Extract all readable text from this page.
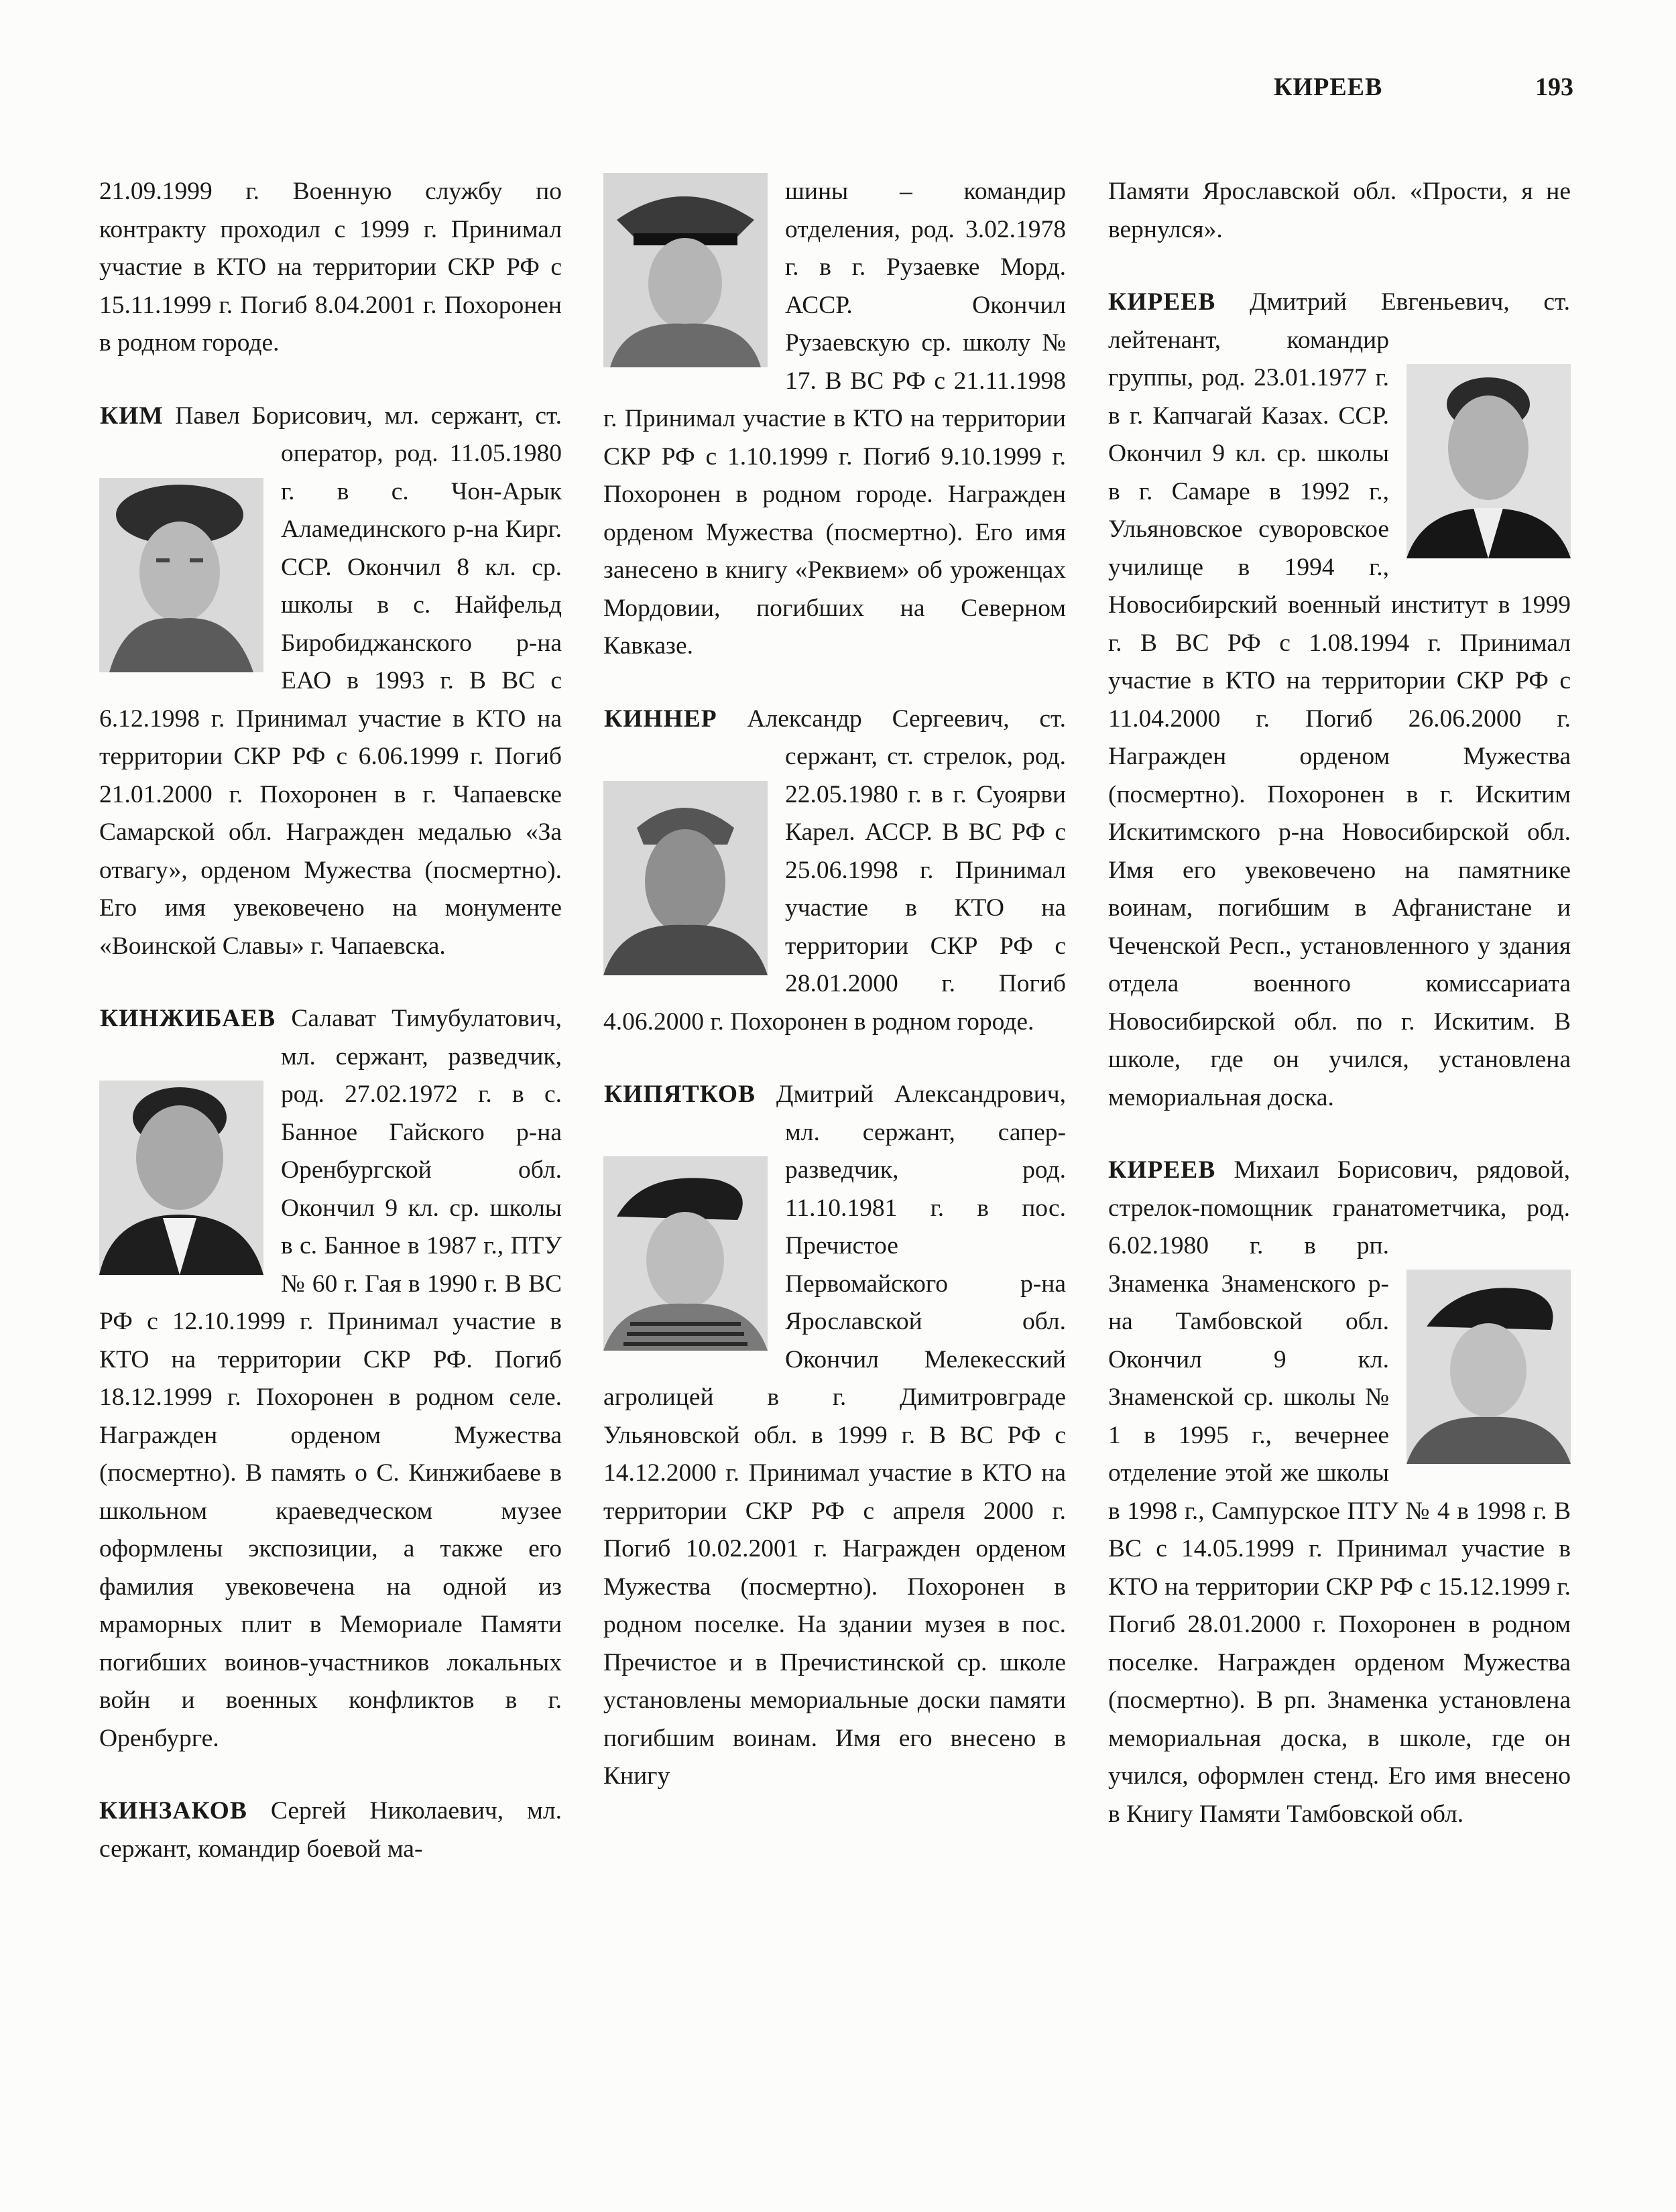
КИРЕЕВ	193

21.09.1999 г. Военную службу по контракту проходил с 1999 г. Принимал участие в КТО на территории СКР РФ с 15.11.1999 г. Погиб 8.04.2001 г. Похоронен в родном городе.

КИМ Павел Борисович, мл. сержант, ст. оператор, род. 11.05.1980 г. в с. Чон-Арык Аламединского р-на Кирг. ССР. Окончил 8 кл. ср. школы в с. Найфельд Биробиджанского р-на ЕАО в 1993 г. В ВС с 6.12.1998 г. Принимал участие в КТО на территории СКР РФ с 6.06.1999 г. Погиб 21.01.2000 г. Похоронен в г. Чапаевске Самарской обл. Награжден медалью «За отвагу», орденом Мужества (посмертно). Его имя увековечено на монументе «Воинской Славы» г. Чапаевска.

КИНЖИБАЕВ Салават Тимубулатович, мл. сержант, разведчик, род. 27.02.1972 г. в с. Банное Гайского р-на Оренбургской обл. Окончил 9 кл. ср. школы в с. Банное в 1987 г., ПТУ № 60 г. Гая в 1990 г. В ВС РФ с 12.10.1999 г. Принимал участие в КТО на территории СКР РФ. Погиб 18.12.1999 г. Похоронен в родном селе. Награжден орденом Мужества (посмертно). В память о С. Кинжибаеве в школьном краеведческом музее оформлены экспозиции, а также его фамилия увековечена на одной из мраморных плит в Мемориале Памяти погибших воинов-участников локальных войн и военных конфликтов в г. Оренбурге.

КИНЗАКОВ Сергей Николаевич, мл. сержант, командир боевой ма-

шины – командир отделения, род. 3.02.1978 г. в г. Рузаевке Морд. АССР. Окончил Рузаевскую ср. школу № 17. В ВС РФ с 21.11.1998 г. Принимал участие в КТО на территории СКР РФ с 1.10.1999 г. Погиб 9.10.1999 г. Похоронен в родном городе. Награжден орденом Мужества (посмертно). Его имя занесено в книгу «Реквием» об уроженцах Мордовии, погибших на Северном Кавказе.

КИННЕР Александр Сергеевич, ст. сержант, ст. стрелок, род. 22.05.1980 г. в г. Суоярви Карел. АССР. В ВС РФ с 25.06.1998 г. Принимал участие в КТО на территории СКР РФ с 28.01.2000 г. Погиб 4.06.2000 г. Похоронен в родном городе.

КИПЯТКОВ Дмитрий Александрович, мл. сержант, сапер-разведчик, род. 11.10.1981 г. в пос. Пречистое Первомайского р-на Ярославской обл. Окончил Мелекесский агролицей в г. Димитровграде Ульяновской обл. в 1999 г. В ВС РФ с 14.12.2000 г. Принимал участие в КТО на территории СКР РФ с апреля 2000 г. Погиб 10.02.2001 г. Награжден орденом Мужества (посмертно). Похоронен в родном поселке. На здании музея в пос. Пречистое и в Пречистинской ср. школе установлены мемориальные доски памяти погибшим воинам. Имя его внесено в Книгу

Памяти Ярославской обл. «Прости, я не вернулся».

КИРЕЕВ Дмитрий Евгеньевич, ст. лейтенант, командир группы, род. 23.01.1977 г. в г. Капчагай Казах. ССР. Окончил 9 кл. ср. школы в г. Самаре в 1992 г., Ульяновское суворовское училище в 1994 г., Новосибирский военный институт в 1999 г. В ВС РФ с 1.08.1994 г. Принимал участие в КТО на территории СКР РФ с 11.04.2000 г. Погиб 26.06.2000 г. Награжден орденом Мужества (посмертно). Похоронен в г. Искитим Искитимского р-на Новосибирской обл. Имя его увековечено на памятнике воинам, погибшим в Афганистане и Чеченской Респ., установленного у здания отдела военного комиссариата Новосибирской обл. по г. Искитим. В школе, где он учился, установлена мемориальная доска.

КИРЕЕВ Михаил Борисович, рядовой, стрелок-помощник гранатометчика, род. 6.02.1980 г. в рп. Знаменка Знаменского р-на Тамбовской обл. Окончил 9 кл. Знаменской ср. школы № 1 в 1995 г., вечернее отделение этой же школы в 1998 г., Сампурское ПТУ № 4 в 1998 г. В ВС с 14.05.1999 г. Принимал участие в КТО на территории СКР РФ с 15.12.1999 г. Погиб 28.01.2000 г. Похоронен в родном поселке. Награжден орденом Мужества (посмертно). В рп. Знаменка установлена мемориальная доска, в школе, где он учился, оформлен стенд. Его имя внесено в Книгу Памяти Тамбовской обл.
